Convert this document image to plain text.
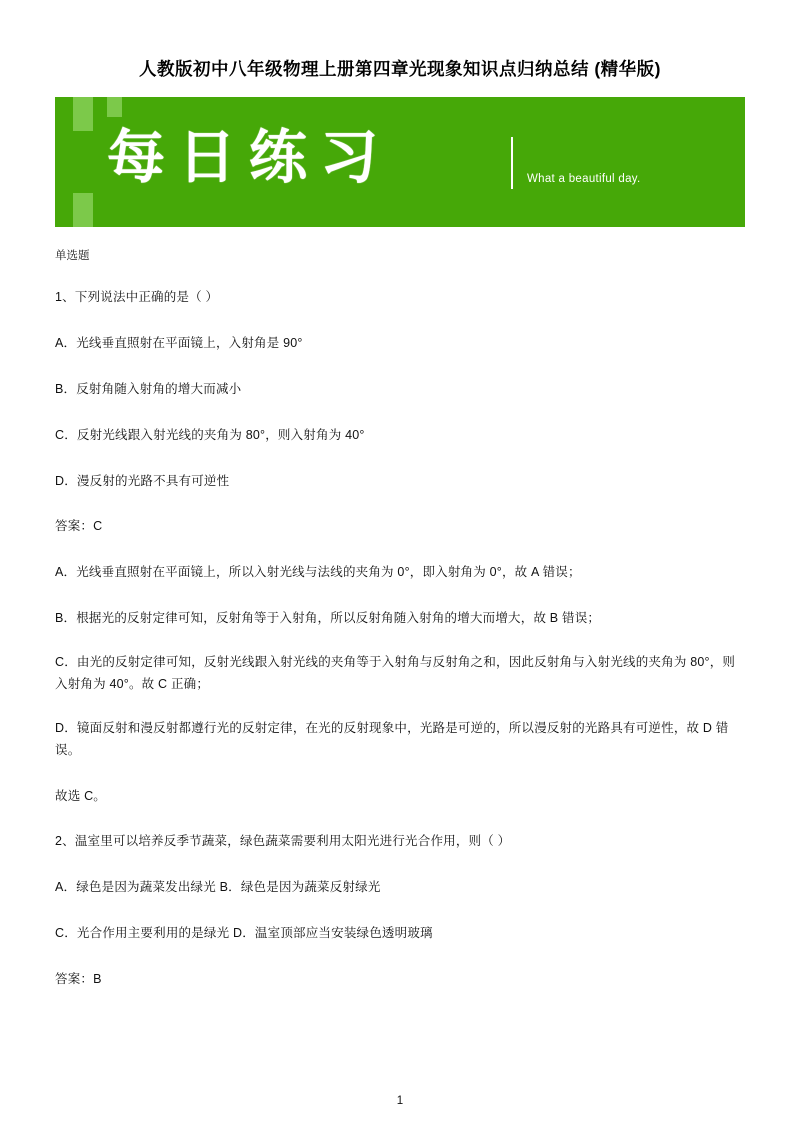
人教版初中八年级物理上册第四章光现象知识点归纳总结 (精华版)
每日练习	What a beautiful day.
单选题

1、下列说法中正确的是（ ）

A．光线垂直照射在平面镜上，入射角是 90°

B．反射角随入射角的增大而减小

C．反射光线跟入射光线的夹角为 80°，则入射角为 40°

D．漫反射的光路不具有可逆性

答案：C

A．光线垂直照射在平面镜上，所以入射光线与法线的夹角为 0°，即入射角为 0°，故 A 错误；

B．根据光的反射定律可知，反射角等于入射角，所以反射角随入射角的增大而增大，故 B 错误；

C．由光的反射定律可知，反射光线跟入射光线的夹角等于入射角与反射角之和，因此反射角与入射光线的夹角为 80°，则入射角为 40°。故 C 正确；

D．镜面反射和漫反射都遵行光的反射定律，在光的反射现象中，光路是可逆的，所以漫反射的光路具有可逆性，故 D 错误。

故选 C。

2、温室里可以培养反季节蔬菜，绿色蔬菜需要利用太阳光进行光合作用，则（ ）

A．绿色是因为蔬菜发出绿光 B．绿色是因为蔬菜反射绿光

C．光合作用主要利用的是绿光 D．温室顶部应当安装绿色透明玻璃

答案：B

1
